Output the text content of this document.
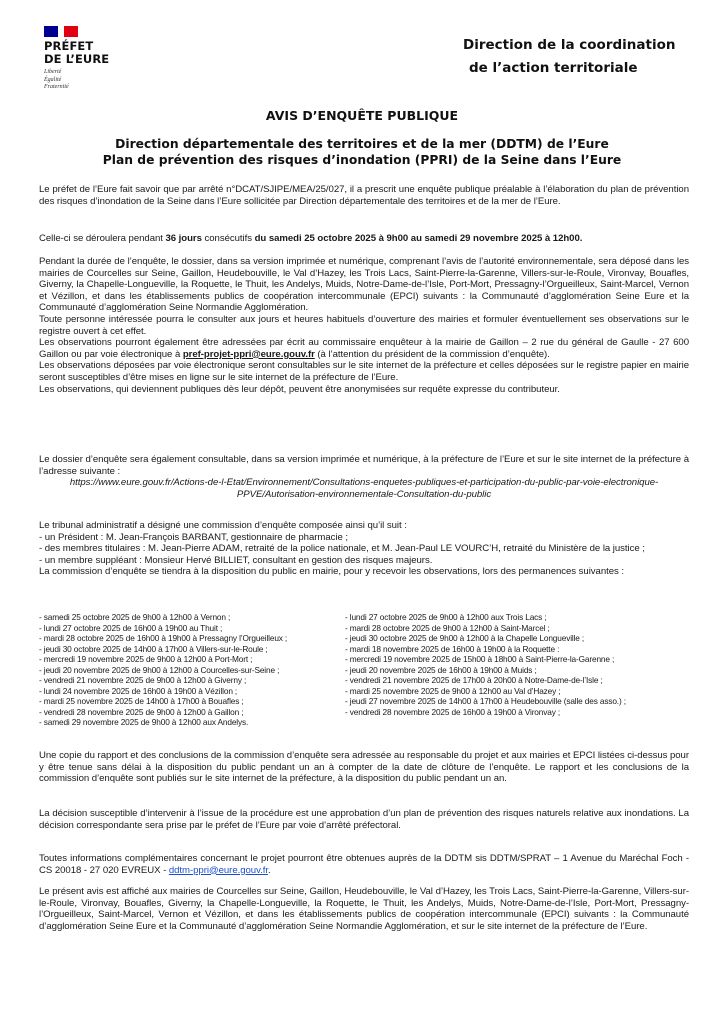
PRÉFET
DE L’EURE
Liberté
Égalité
Fraternité
Direction de la coordination
de l’action territoriale
AVIS D’ENQUÊTE PUBLIQUE
Direction départementale des territoires et de la mer (DDTM) de l’Eure
Plan de prévention des risques d’inondation (PPRI) de la Seine dans l’Eure

Le préfet de l’Eure fait savoir que par arrêté n°DCAT/SJIPE/MEA/25/027, il a prescrit une enquête publique préalable à l’élaboration du plan de prévention des risques d’inondation de la Seine dans l’Eure sollicitée par Direction départementale des territoires et de la mer de l’Eure.

Celle-ci se déroulera pendant 36 jours consécutifs du samedi 25 octobre 2025 à 9h00 au samedi 29 novembre 2025 à 12h00.

Pendant la durée de l’enquête, le dossier, dans sa version imprimée et numérique, comprenant l’avis de l’autorité environnementale, sera déposé dans les mairies de Courcelles sur Seine, Gaillon, Heudebouville, le Val d’Hazey, les Trois Lacs, Saint-Pierre-la-Garenne, Villers-sur-le-Roule, Vironvay, Bouafles, Giverny, la Chapelle-Longueville, la Roquette, le Thuit, les Andelys, Muids, Notre-Dame-de-l’Isle, Port-Mort, Pressagny-l’Orgueilleux, Saint-Marcel, Vernon et Vézillon, et dans les établissements publics de coopération intercommunale (EPCI) suivants : la Communauté d’agglomération Seine Eure et la Communauté d’agglomération Seine Normandie Agglomération.

Toute personne intéressée pourra le consulter aux jours et heures habituels d’ouverture des mairies et formuler éventuellement ses observations sur le registre ouvert à cet effet.

Les observations pourront également être adressées par écrit au commissaire enquêteur à la mairie de Gaillon – 2 rue du général de Gaulle - 27 600 Gaillon ou par voie électronique à pref-projet-ppri@eure.gouv.fr (à l’attention du président de la commission d’enquête).

Les observations déposées par voie électronique seront consultables sur le site internet de la préfecture et celles déposées sur le registre papier en mairie seront susceptibles d’être mises en ligne sur le site internet de la préfecture de l’Eure.

Les observations, qui deviennent publiques dès leur dépôt, peuvent être anonymisées sur requête expresse du contributeur.

Le dossier d’enquête sera également consultable, dans sa version imprimée et numérique, à la préfecture de l’Eure et sur le site internet de la préfecture à l’adresse suivante :

https://www.eure.gouv.fr/Actions-de-l-Etat/Environnement/Consultations-enquetes-publiques-et-participation-du-public-par-voie-electronique-PPVE/Autorisation-environnementale-Consultation-du-public

Le tribunal administratif a désigné une commission d’enquête composée ainsi qu’il suit :

- un Président : M. Jean-François BARBANT, gestionnaire de pharmacie ;

- des membres titulaires : M. Jean-Pierre ADAM, retraité de la police nationale, et M. Jean-Paul LE VOURC’H, retraité du Ministère de la justice ;

- un membre suppléant : Monsieur Hervé BILLIET, consultant en gestion des risques majeurs.

La commission d’enquête se tiendra à la disposition du public en mairie, pour y recevoir les observations, lors des permanences suivantes :

- samedi 25 octobre 2025 de 9h00 à 12h00 à Vernon ;
- lundi 27 octobre 2025 de 16h00 à 19h00 au Thuit ;
- mardi 28 octobre 2025 de 16h00 à 19h00 à Pressagny l’Orgueilleux ;
- jeudi 30 octobre 2025 de 14h00 à 17h00 à Villers-sur-le-Roule ;
- mercredi 19 novembre 2025 de 9h00 à 12h00 à Port-Mort ;
- jeudi 20 novembre 2025 de 9h00 à 12h00 à Courcelles-sur-Seine ;
- vendredi 21 novembre 2025 de 9h00 à 12h00 à Giverny ;
- lundi 24 novembre 2025 de 16h00 à 19h00 à Vézillon ;
- mardi 25 novembre 2025 de 14h00 à 17h00 à Bouafles ;
- vendredi 28 novembre 2025 de 9h00 à 12h00 à Gaillon ;
- samedi 29 novembre 2025 de 9h00 à 12h00 aux Andelys.
- lundi 27 octobre 2025 de 9h00 à 12h00 aux Trois Lacs ;
- mardi 28 octobre 2025 de 9h00 à 12h00 à Saint-Marcel ;
- jeudi 30 octobre 2025 de 9h00 à 12h00 à la Chapelle Longueville ;
- mardi 18 novembre 2025 de 16h00 à 19h00 à la Roquette :
- mercredi 19 novembre 2025 de 15h00 à 18h00 à Saint-Pierre-la-Garenne ;
- jeudi 20 novembre 2025 de 16h00 à 19h00 à Muids ;
- vendredi 21 novembre 2025 de 17h00 à 20h00 à Notre-Dame-de-l’Isle ;
- mardi 25 novembre 2025 de 9h00 à 12h00 au Val d’Hazey ;
- jeudi 27 novembre 2025 de 14h00 à 17h00 à Heudebouville (salle des asso.) ;
- vendredi 28 novembre 2025 de 16h00 à 19h00 à Vironvay ;

Une copie du rapport et des conclusions de la commission d’enquête sera adressée au responsable du projet et aux mairies et EPCI listées ci-dessus pour y être tenue sans délai à la disposition du public pendant un an à compter de la date de clôture de l’enquête. Le rapport et les conclusions de la commission d’enquête sont publiés sur le site internet de la préfecture, à la disposition du public pendant un an.

La décision susceptible d’intervenir à l’issue de la procédure est une approbation d’un plan de prévention des risques naturels relative aux inondations. La décision correspondante sera prise par le préfet de l’Eure par voie d’arrêté préfectoral.

Toutes informations complémentaires concernant le projet pourront être obtenues auprès de la DDTM sis DDTM/SPRAT – 1 Avenue du Maréchal Foch - CS 20018 - 27 020 EVREUX - ddtm-ppri@eure.gouv.fr.

Le présent avis est affiché aux mairies de Courcelles sur Seine, Gaillon, Heudebouville, le Val d’Hazey, les Trois Lacs, Saint-Pierre-la-Garenne, Villers-sur-le-Roule, Vironvay, Bouafles, Giverny, la Chapelle-Longueville, la Roquette, le Thuit, les Andelys, Muids, Notre-Dame-de-l’Isle, Port-Mort, Pressagny-l’Orgueilleux, Saint-Marcel, Vernon et Vézillon, et dans les établissements publics de coopération intercommunale (EPCI) suivants : la Communauté d’agglomération Seine Eure et la Communauté d’agglomération Seine Normandie Agglomération, et sur le site internet de la préfecture de l’Eure.
